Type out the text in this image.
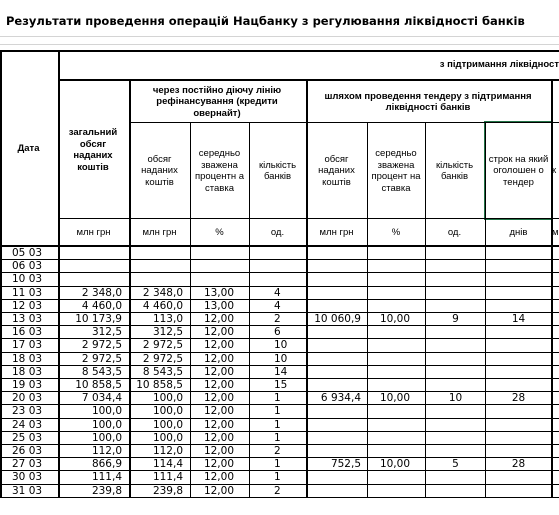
Результати проведення операцій Нацбанку з регулювання ліквідності банків
з підтримання ліквідност
Дата
загальний обсяг наданих коштів
через постійно діючу лінію рефінансування (кредити овернайт)
шляхом проведення тендеру з підтримання ліквідності банків
обсяг наданих коштів
середньо зважена процентн а ставка
кількість банків
обсяг наданих коштів
середньо зважена процент на ставка
кількість банків
строк на який оголошен о тендер
к
млн грн	млн грн	%	од.	млн грн	%	од.	днів	м
05 03
06 03
10 03
11 03	2 348,0	2 348,0	13,00	4
12 03	4 460,0	4 460,0	13,00	4
13 03	10 173,9	113,0	12,00	2	10 060,9	10,00	9	14
16 03	312,5	312,5	12,00	6
17 03	2 972,5	2 972,5	12,00	10
18 03	2 972,5	2 972,5	12,00	10
18 03	8 543,5	8 543,5	12,00	14
19 03	10 858,5	10 858,5	12,00	15
20 03	7 034,4	100,0	12,00	1	6 934,4	10,00	10	28
23 03	100,0	100,0	12,00	1
24 03	100,0	100,0	12,00	1
25 03	100,0	100,0	12,00	1
26 03	112,0	112,0	12,00	2
27 03	866,9	114,4	12,00	1	752,5	10,00	5	28
30 03	111,4	111,4	12,00	1
31 03	239,8	239,8	12,00	2
